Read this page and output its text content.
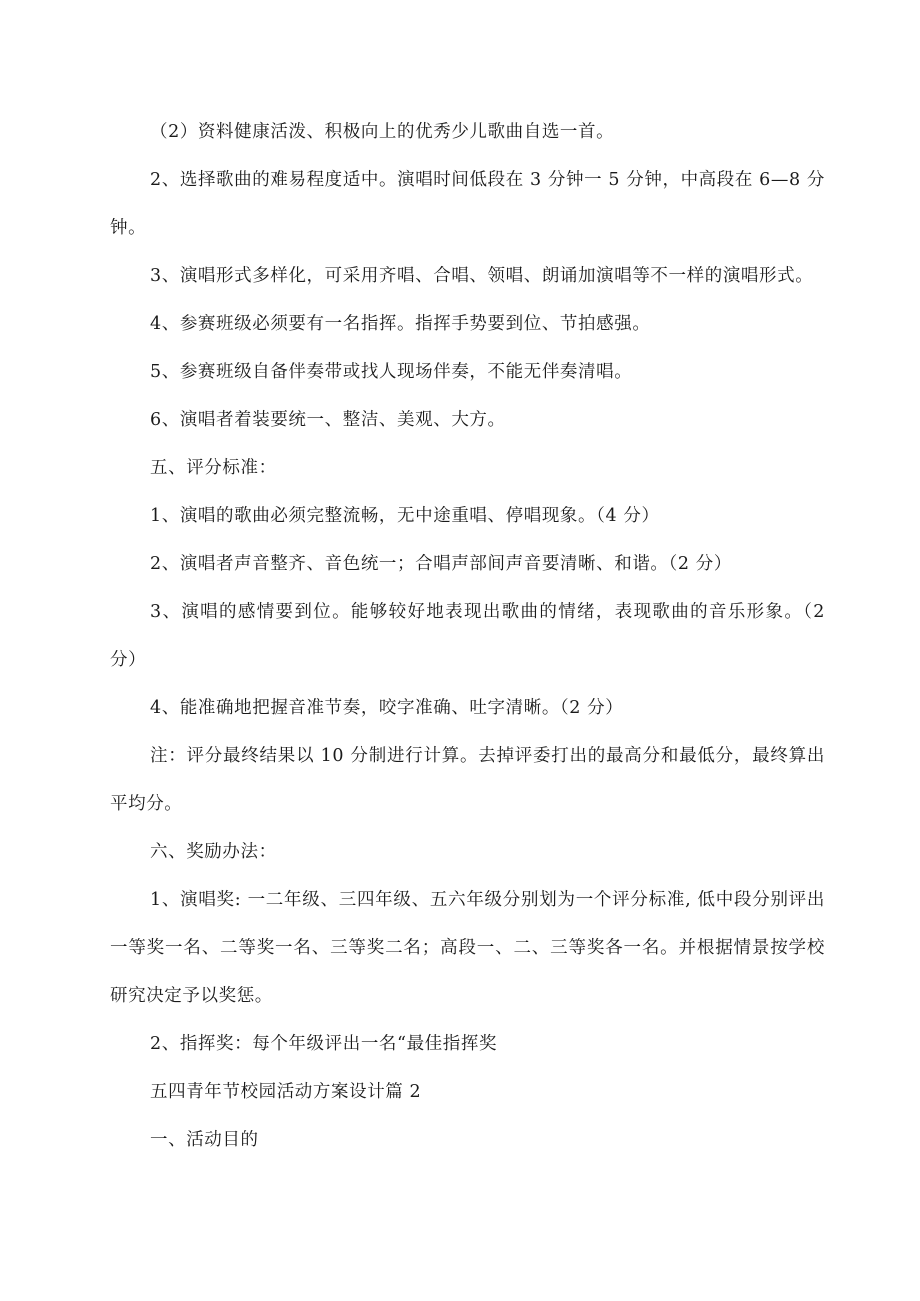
（2）资料健康活泼、积极向上的优秀少儿歌曲自选一首。

2、选择歌曲的难易程度适中。演唱时间低段在 3 分钟一 5 分钟，中高段在 6—8 分钟。

3、演唱形式多样化，可采用齐唱、合唱、领唱、朗诵加演唱等不一样的演唱形式。

4、参赛班级必须要有一名指挥。指挥手势要到位、节拍感强。

5、参赛班级自备伴奏带或找人现场伴奏，不能无伴奏清唱。

6、演唱者着装要统一、整洁、美观、大方。

五、评分标准：

1、演唱的歌曲必须完整流畅，无中途重唱、停唱现象。（4 分）

2、演唱者声音整齐、音色统一；合唱声部间声音要清晰、和谐。（2 分）

3、演唱的感情要到位。能够较好地表现出歌曲的情绪，表现歌曲的音乐形象。（2 分）

4、能准确地把握音准节奏，咬字准确、吐字清晰。（2 分）

注：评分最终结果以 10 分制进行计算。去掉评委打出的最高分和最低分，最终算出平均分。

六、奖励办法：

1、演唱奖: 一二年级、三四年级、五六年级分别划为一个评分标准, 低中段分别评出一等奖一名、二等奖一名、三等奖二名；高段一、二、三等奖各一名。并根据情景按学校研究决定予以奖惩。

2、指挥奖：每个年级评出一名“最佳指挥奖

五四青年节校园活动方案设计篇 2

一、活动目的
